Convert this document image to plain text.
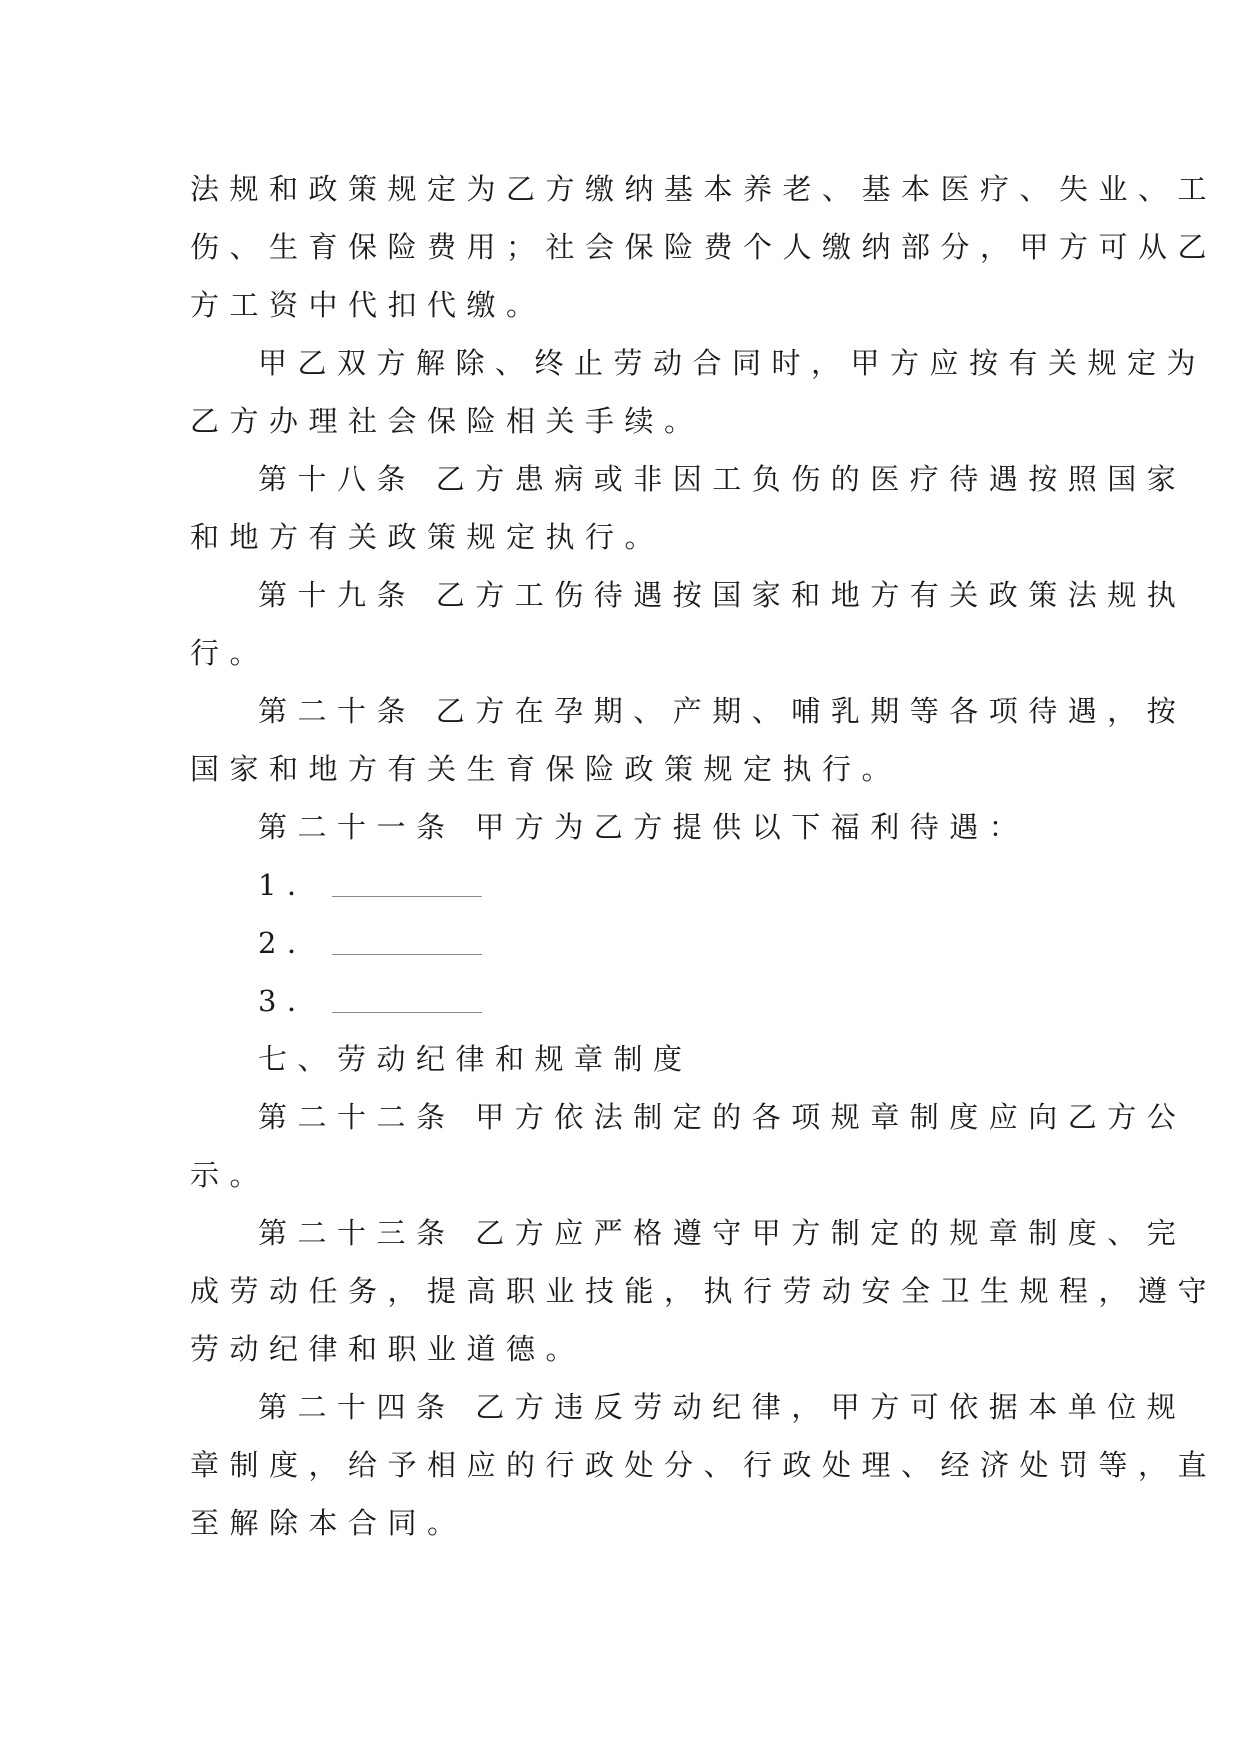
法规和政策规定为乙方缴纳基本养老、基本医疗、失业、工
伤、生育保险费用；社会保险费个人缴纳部分，甲方可从乙
方工资中代扣代缴。
甲乙双方解除、终止劳动合同时，甲方应按有关规定为
乙方办理社会保险相关手续。
第十八条 乙方患病或非因工负伤的医疗待遇按照国家
和地方有关政策规定执行。
第十九条 乙方工伤待遇按国家和地方有关政策法规执
行。
第二十条 乙方在孕期、产期、哺乳期等各项待遇，按
国家和地方有关生育保险政策规定执行。
第二十一条 甲方为乙方提供以下福利待遇：
1．
2．
3．
七、劳动纪律和规章制度
第二十二条 甲方依法制定的各项规章制度应向乙方公
示。
第二十三条 乙方应严格遵守甲方制定的规章制度、完
成劳动任务，提高职业技能，执行劳动安全卫生规程，遵守
劳动纪律和职业道德。
第二十四条 乙方违反劳动纪律，甲方可依据本单位规
章制度，给予相应的行政处分、行政处理、经济处罚等，直
至解除本合同。
